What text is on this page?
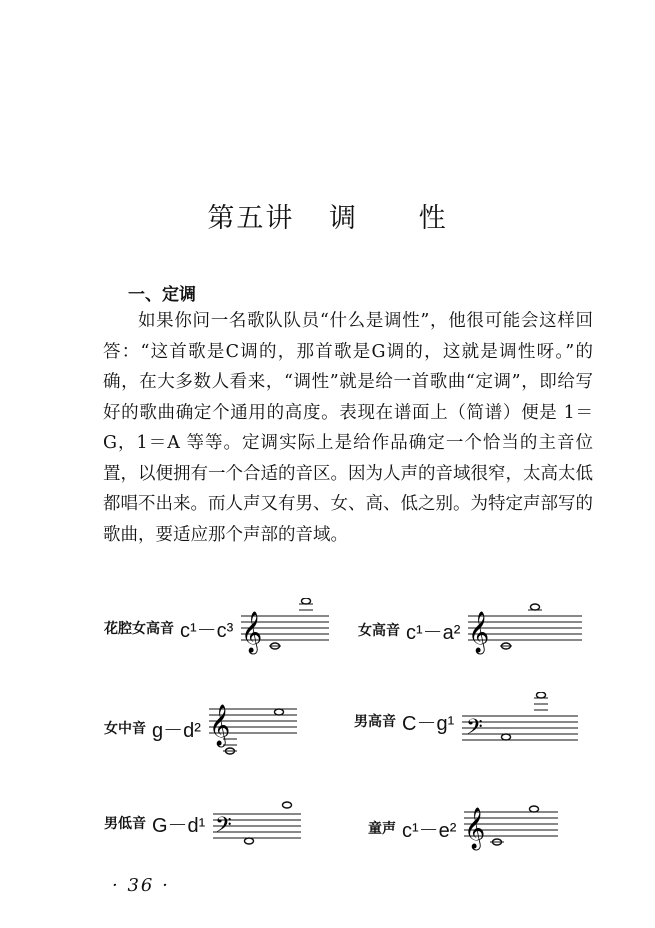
第五讲 调 性
一、定调

如果你问一名歌队队员“什么是调性”，他很可能会这样回答：“这首歌是C调的，那首歌是G调的，这就是调性呀。”的确，在大多数人看来，“调性”就是给一首歌曲“定调”，即给写好的歌曲确定个通用的高度。表现在谱面上（简谱）便是 1＝G，1＝A 等等。定调实际上是给作品确定一个恰当的主音位置，以便拥有一个合适的音区。因为人声的音域很窄，太高太低都唱不出来。而人声又有男、女、高、低之别。为特定声部写的歌曲，要适应那个声部的音域。

花腔女高音 c¹－c³ 𝄞	女高音 c¹－a² 𝄞
女中音 g－d² 𝄞	男高音 C－g¹ 𝄢
男低音 G－d¹ 𝄢	童声 c¹－e² 𝄞
· 36 ·
